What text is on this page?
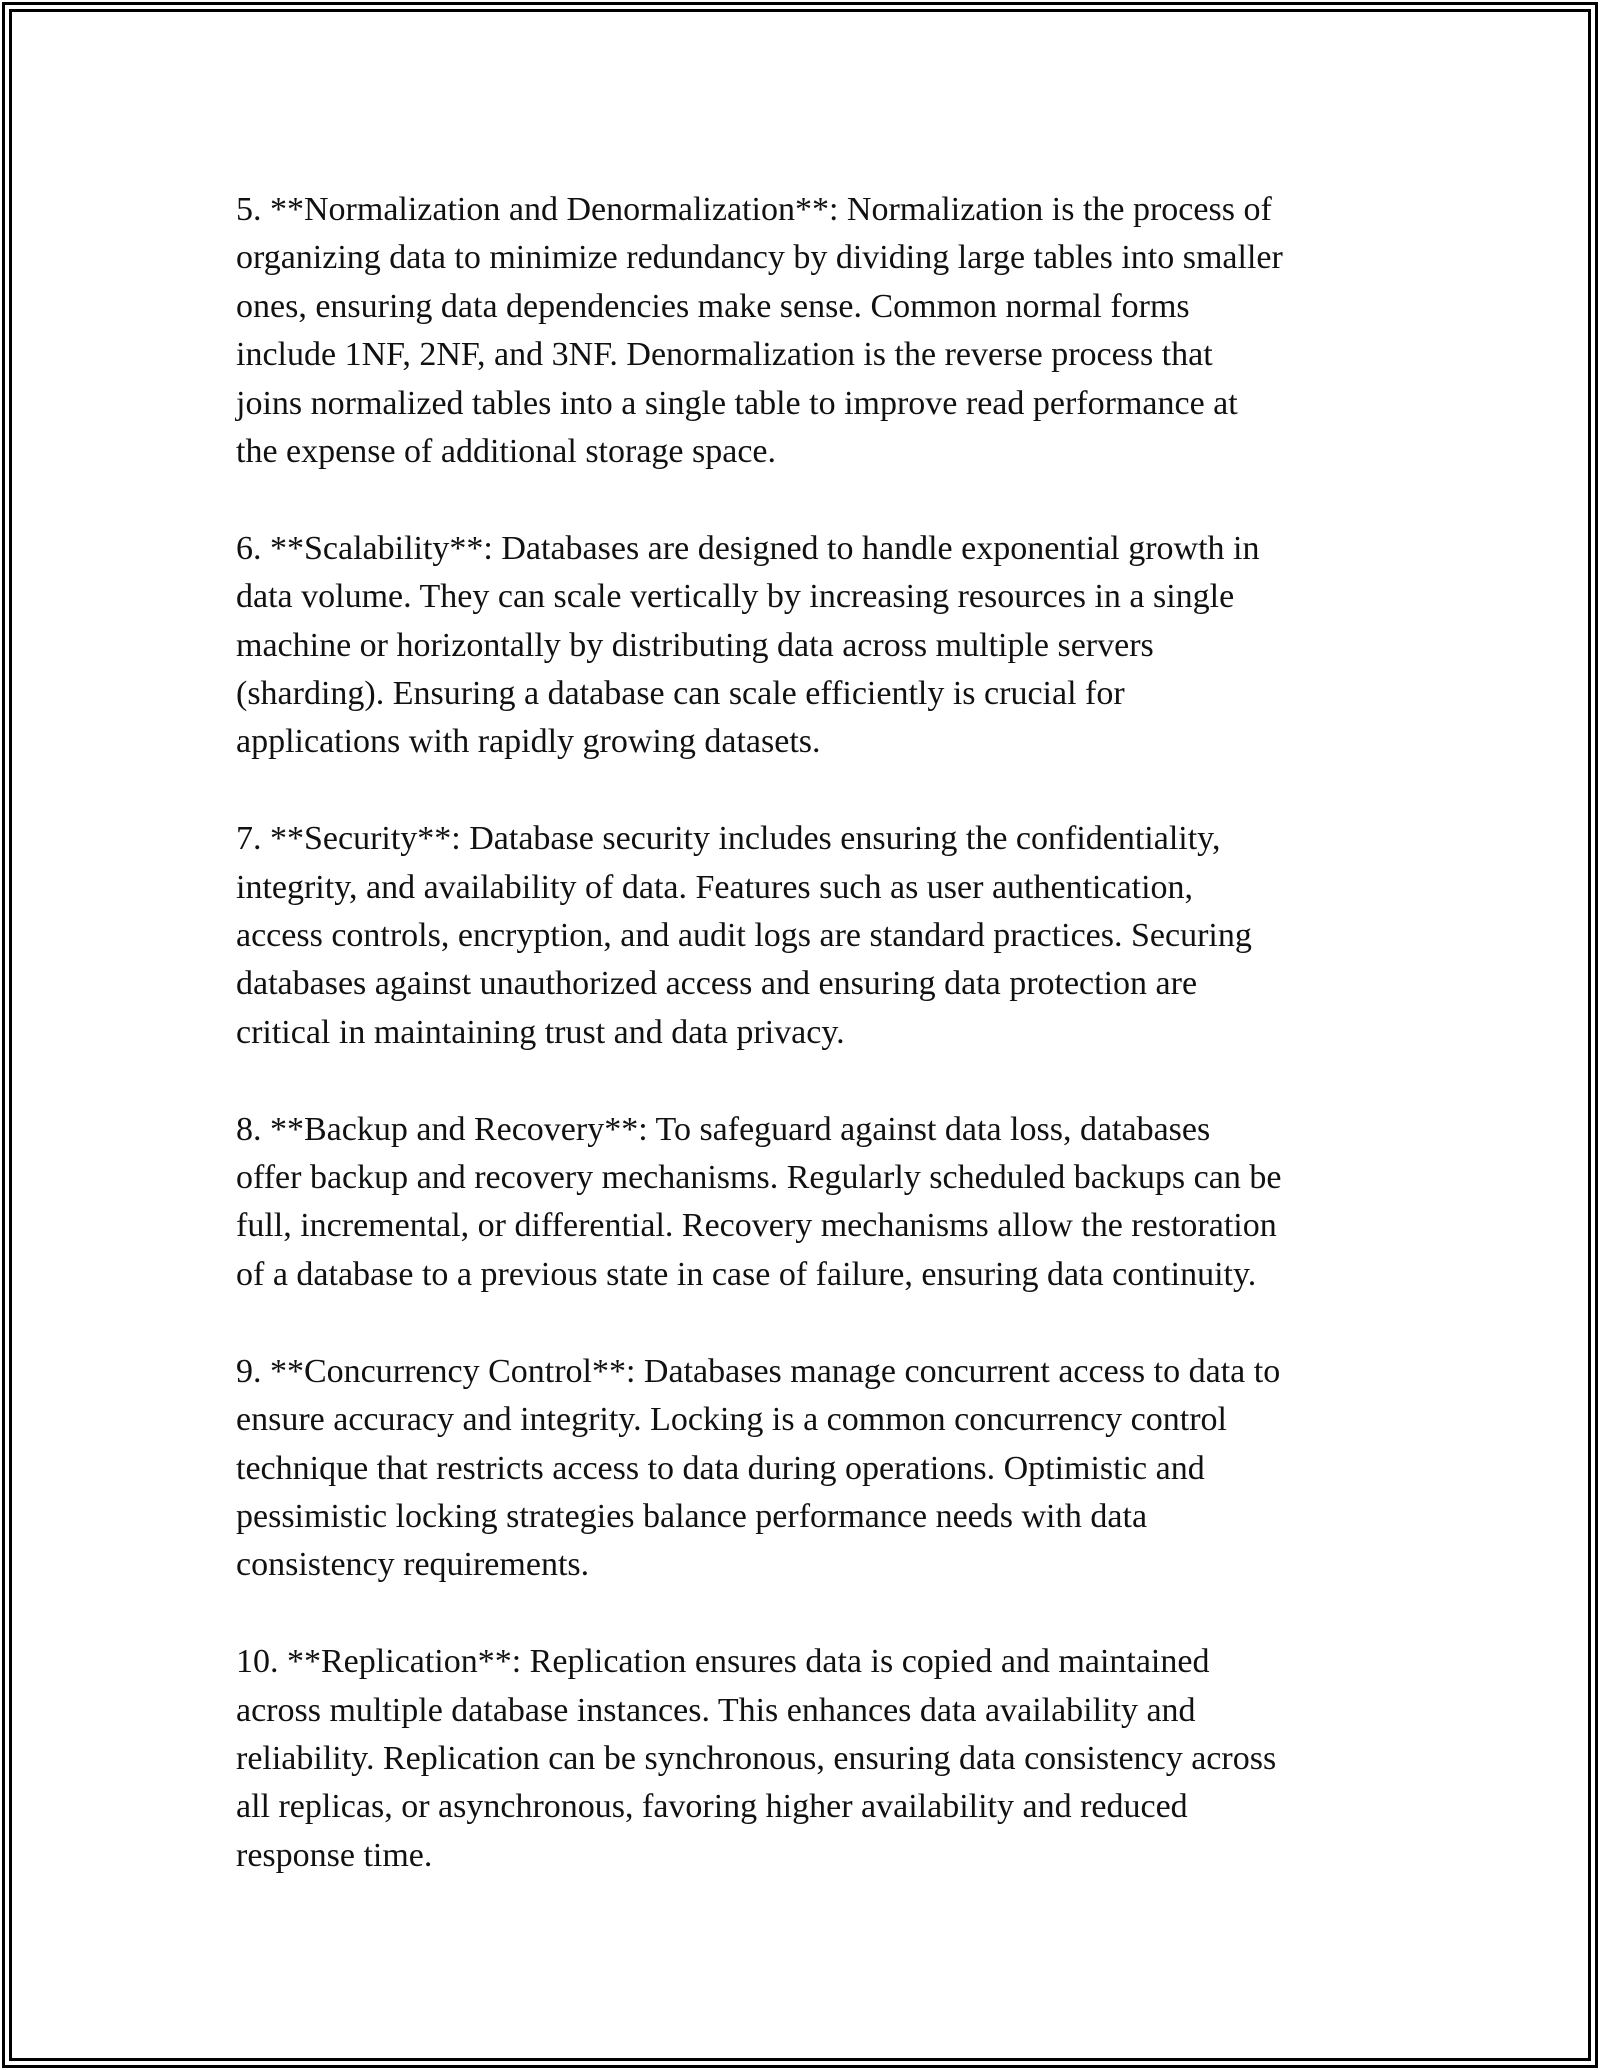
5. **Normalization and Denormalization**: Normalization is the process of
organizing data to minimize redundancy by dividing large tables into smaller
ones, ensuring data dependencies make sense. Common normal forms
include 1NF, 2NF, and 3NF. Denormalization is the reverse process that
joins normalized tables into a single table to improve read performance at
the expense of additional storage space.

6. **Scalability**: Databases are designed to handle exponential growth in
data volume. They can scale vertically by increasing resources in a single
machine or horizontally by distributing data across multiple servers
(sharding). Ensuring a database can scale efficiently is crucial for
applications with rapidly growing datasets.

7. **Security**: Database security includes ensuring the confidentiality,
integrity, and availability of data. Features such as user authentication,
access controls, encryption, and audit logs are standard practices. Securing
databases against unauthorized access and ensuring data protection are
critical in maintaining trust and data privacy.

8. **Backup and Recovery**: To safeguard against data loss, databases
offer backup and recovery mechanisms. Regularly scheduled backups can be
full, incremental, or differential. Recovery mechanisms allow the restoration
of a database to a previous state in case of failure, ensuring data continuity.

9. **Concurrency Control**: Databases manage concurrent access to data to
ensure accuracy and integrity. Locking is a common concurrency control
technique that restricts access to data during operations. Optimistic and
pessimistic locking strategies balance performance needs with data
consistency requirements.

10. **Replication**: Replication ensures data is copied and maintained
across multiple database instances. This enhances data availability and
reliability. Replication can be synchronous, ensuring data consistency across
all replicas, or asynchronous, favoring higher availability and reduced
response time.
